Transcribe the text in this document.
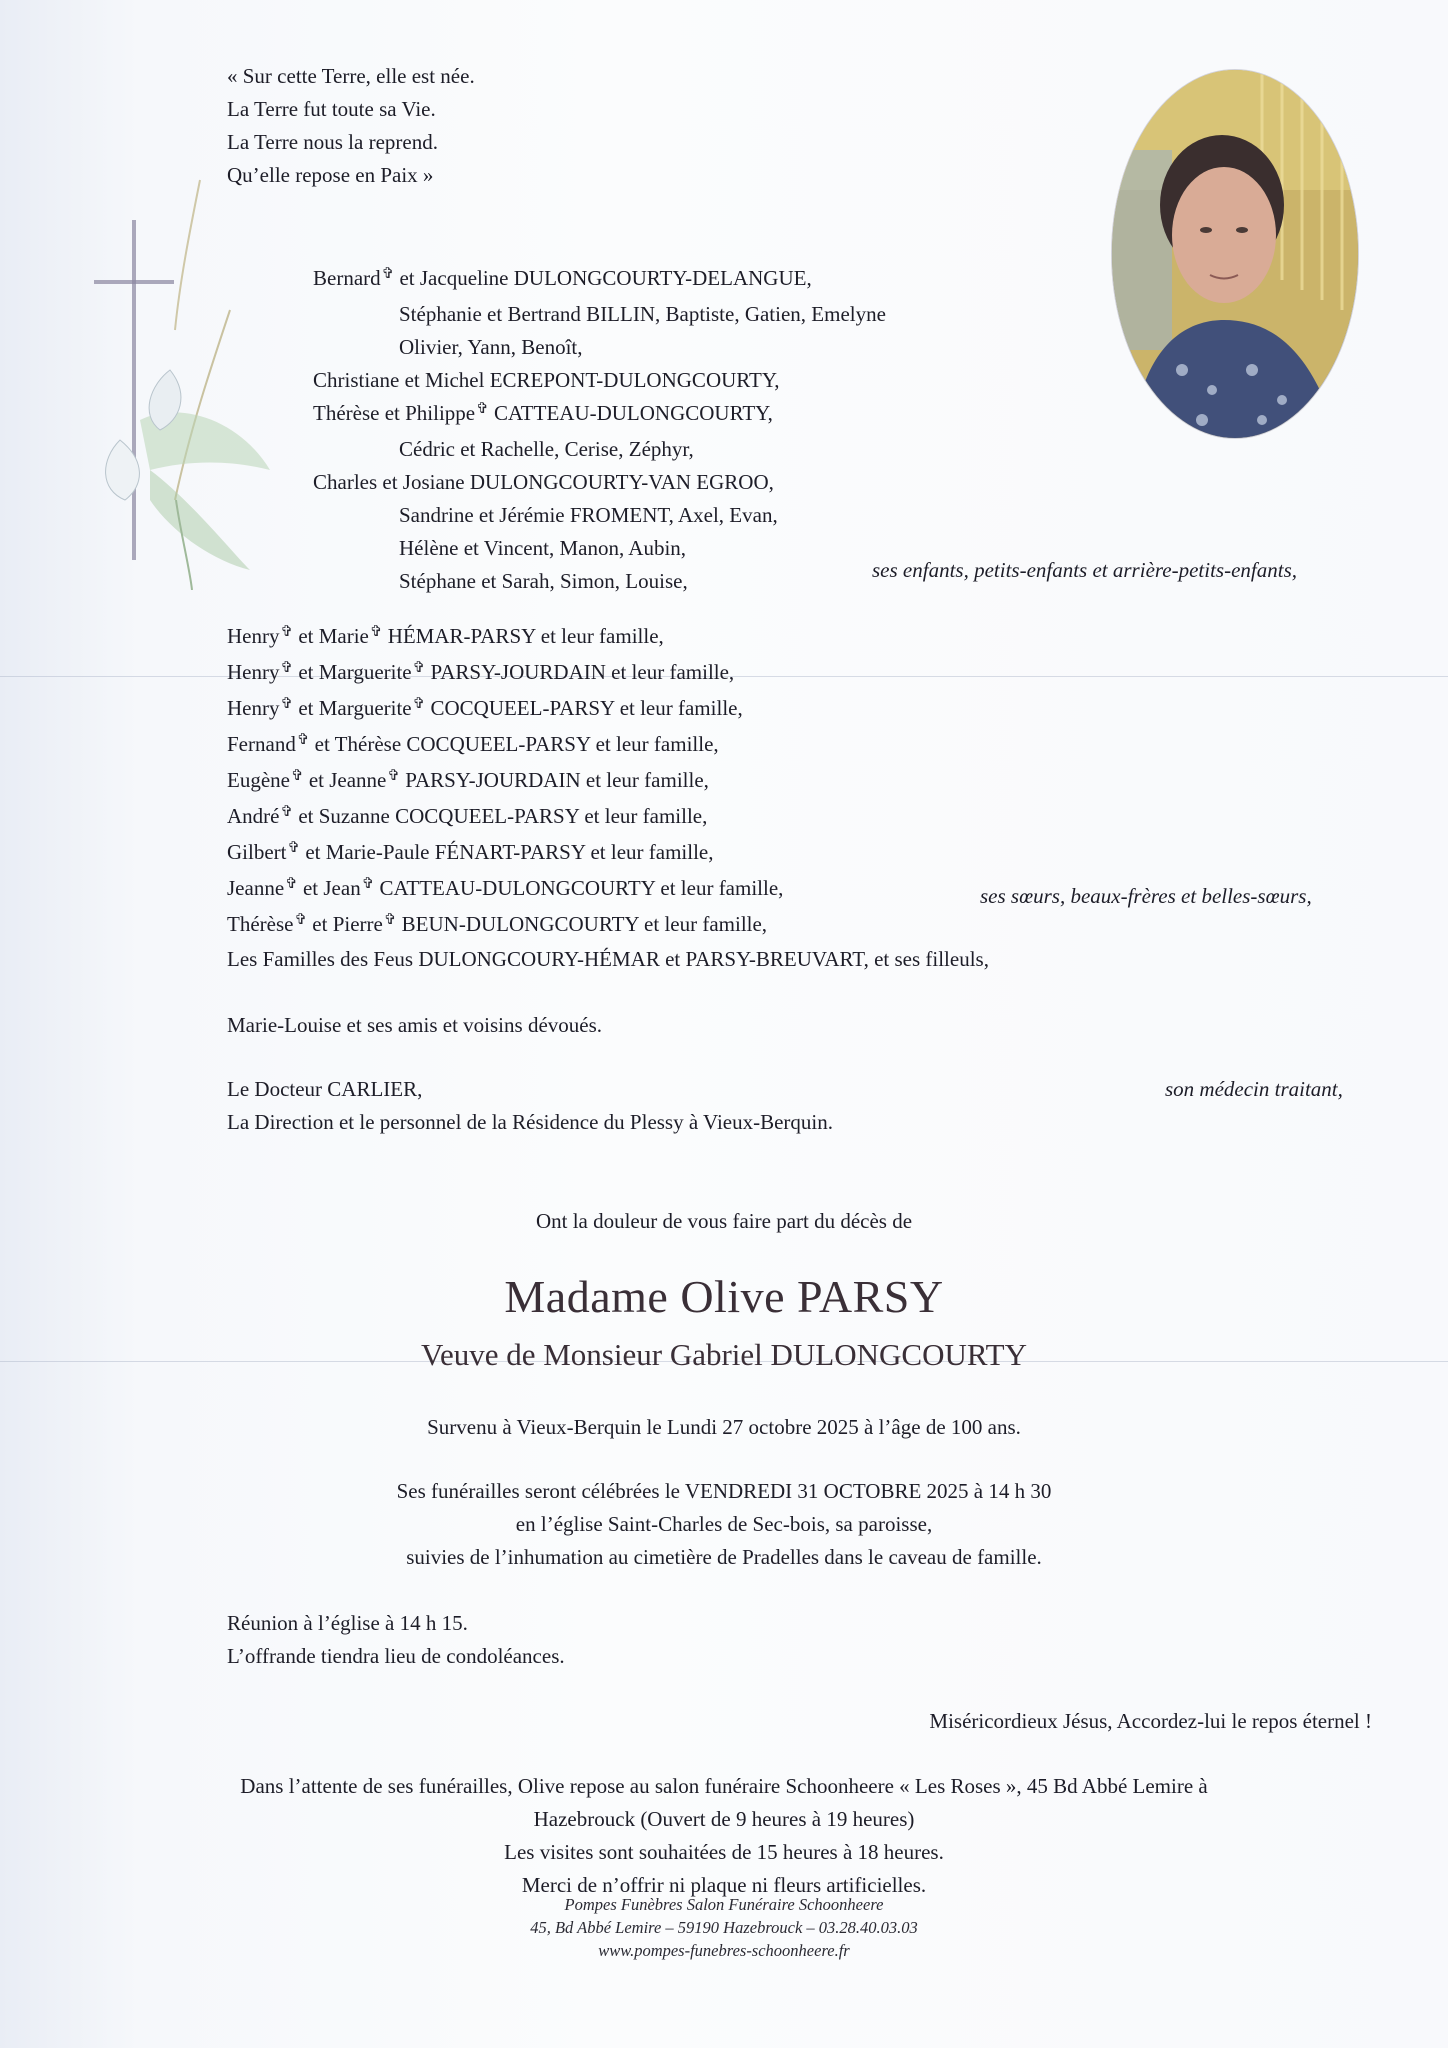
« Sur cette Terre, elle est née.
La Terre fut toute sa Vie.
La Terre nous la reprend.
Qu’elle repose en Paix »
Bernard✞ et Jacqueline DULONGCOURTY-DELANGUE,
Stéphanie et Bertrand BILLIN, Baptiste, Gatien, Emelyne
Olivier, Yann, Benoît,
Christiane et Michel ECREPONT-DULONGCOURTY,
Thérèse et Philippe✞ CATTEAU-DULONGCOURTY,
Cédric et Rachelle, Cerise, Zéphyr,
Charles et Josiane DULONGCOURTY-VAN EGROO,
Sandrine et Jérémie FROMENT, Axel, Evan,
Hélène et Vincent, Manon, Aubin,
Stéphane et Sarah, Simon, Louise,	ses enfants, petits-enfants et arrière-petits-enfants,
Henry✞ et Marie✞ HÉMAR-PARSY et leur famille,
Henry✞ et Marguerite✞ PARSY-JOURDAIN et leur famille,
Henry✞ et Marguerite✞ COCQUEEL-PARSY et leur famille,
Fernand✞ et Thérèse COCQUEEL-PARSY et leur famille,
Eugène✞ et Jeanne✞ PARSY-JOURDAIN et leur famille,
André✞ et Suzanne COCQUEEL-PARSY et leur famille,
Gilbert✞ et Marie-Paule FÉNART-PARSY et leur famille,
Jeanne✞ et Jean✞ CATTEAU-DULONGCOURTY et leur famille,
Thérèse✞ et Pierre✞ BEUN-DULONGCOURTY et leur famille,
ses sœurs, beaux-frères et belles-sœurs,
Les Familles des Feus DULONGCOURY-HÉMAR et PARSY-BREUVART, et ses filleuls,
Marie-Louise et ses amis et voisins dévoués.
Le Docteur CARLIER,	son médecin traitant,
La Direction et le personnel de la Résidence du Plessy à Vieux-Berquin.
Ont la douleur de vous faire part du décès de
Madame Olive PARSY
Veuve de Monsieur Gabriel DULONGCOURTY
Survenu à Vieux-Berquin le Lundi 27 octobre 2025 à l’âge de 100 ans.
Ses funérailles seront célébrées le VENDREDI 31 OCTOBRE 2025 à 14 h 30
en l’église Saint-Charles de Sec-bois, sa paroisse,
suivies de l’inhumation au cimetière de Pradelles dans le caveau de famille.
Réunion à l’église à 14 h 15.
L’offrande tiendra lieu de condoléances.
Miséricordieux Jésus, Accordez-lui le repos éternel !
Dans l’attente de ses funérailles, Olive repose au salon funéraire Schoonheere « Les Roses », 45 Bd Abbé Lemire à
Hazebrouck (Ouvert de 9 heures à 19 heures)
Les visites sont souhaitées de 15 heures à 18 heures.
Merci de n’offrir ni plaque ni fleurs artificielles.
Pompes Funèbres Salon Funéraire Schoonheere
45, Bd Abbé Lemire – 59190 Hazebrouck – 03.28.40.03.03
www.pompes-funebres-schoonheere.fr
